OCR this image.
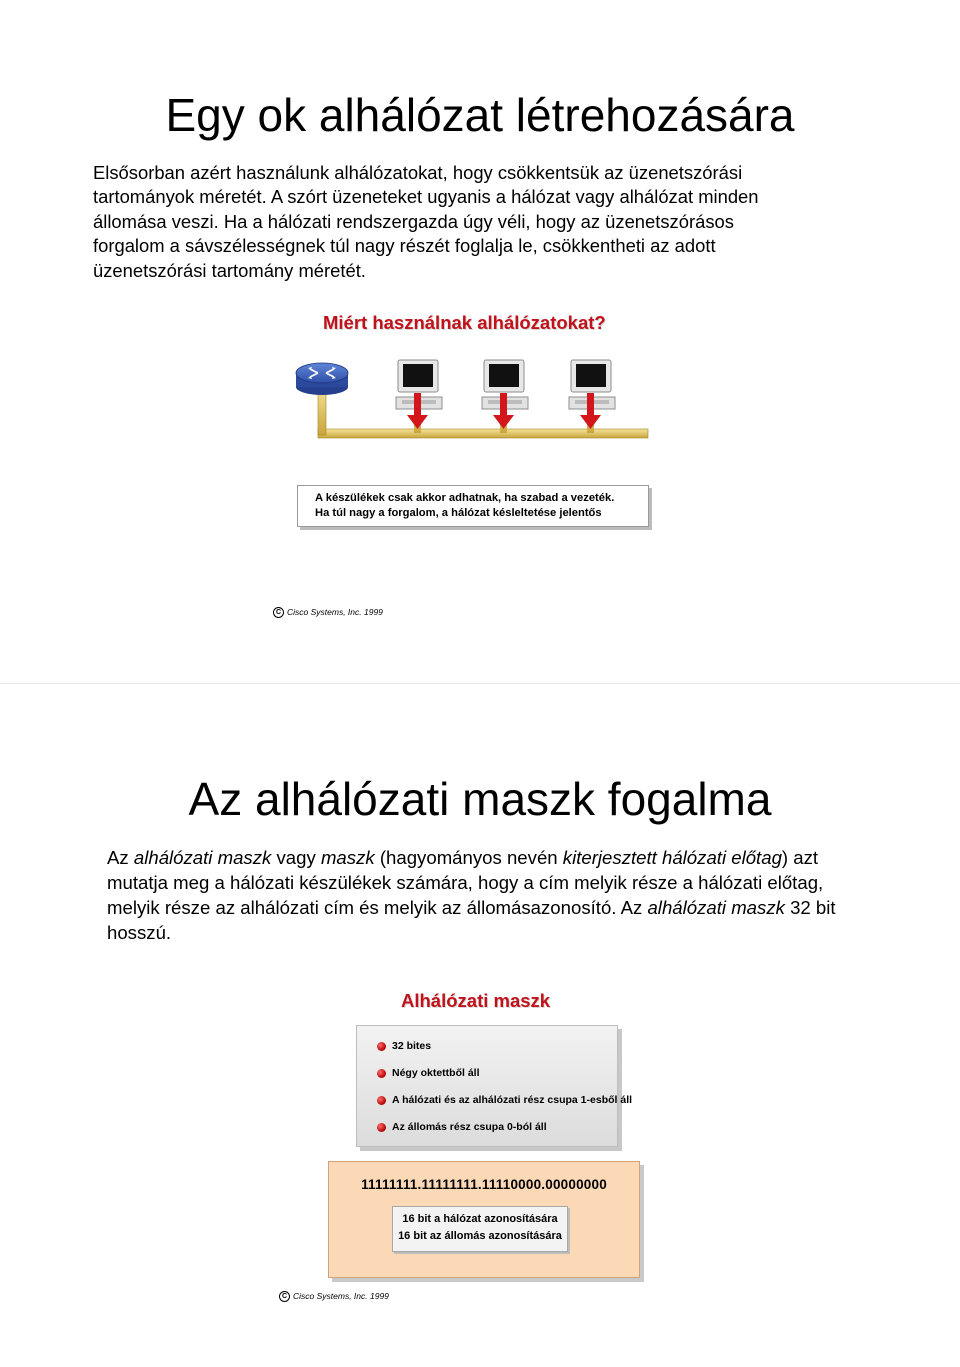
Egy ok alhálózat létrehozására
Elsősorban azért használunk alhálózatokat, hogy csökkentsük az üzenetszórási
tartományok méretét. A szórt üzeneteket ugyanis a hálózat vagy alhálózat minden
állomása veszi. Ha a hálózati rendszergazda úgy véli, hogy az üzenetszórásos
forgalom a sávszélességnek túl nagy részét foglalja le, csökkentheti az adott
üzenetszórási tartomány méretét.
Miért használnak alhálózatokat?
A készülékek csak akkor adhatnak, ha szabad a vezeték.
Ha túl nagy a forgalom, a hálózat késleltetése jelentős
C Cisco Systems, Inc. 1999
Az alhálózati maszk fogalma

Az alhálózati maszk vagy maszk (hagyományos nevén kiterjesztett hálózati előtag) azt mutatja meg a hálózati készülékek számára, hogy a cím melyik része a hálózati előtag, melyik része az alhálózati cím és melyik az állomásazonosító. Az alhálózati maszk 32 bit hosszú.

Alhálózati maszk
32 bites
Négy oktettből áll
A hálózati és az alhálózati rész csupa 1-esből áll
Az állomás rész csupa 0-ból áll
11111111.11111111.11110000.00000000
16 bit a hálózat azonosítására
16 bit az állomás azonosítására
C Cisco Systems, Inc. 1999
